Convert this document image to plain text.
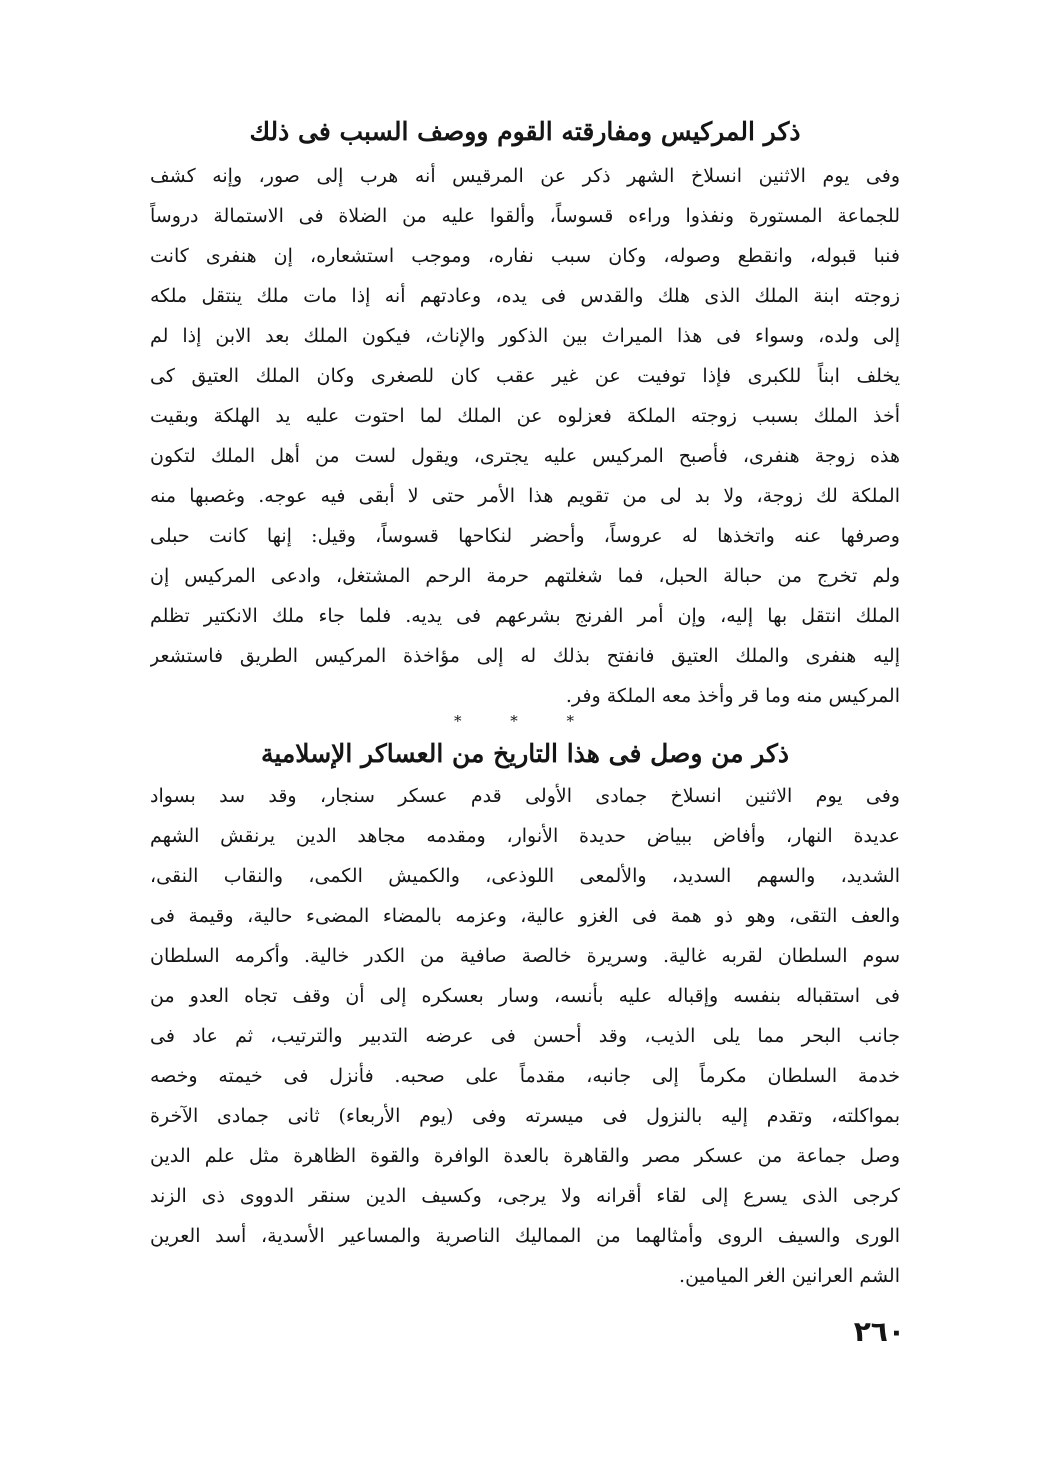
ذكر المركيس ومفارقته القوم ووصف السبب فى ذلك
وفى يوم الاثنين انسلاخ الشهر ذكر عن المرقيس أنه هرب إلى صور، وإنه كشف
للجماعة المستورة ونفذوا وراءه قسوساً، وألقوا عليه من الضلاة فى الاستمالة دروساً
فنبا قبوله، وانقطع وصوله، وكان سبب نفاره، وموجب استشعاره، إن هنفرى كانت
زوجته ابنة الملك الذى هلك والقدس فى يده، وعادتهم أنه إذا مات ملك ينتقل ملكه
إلى ولده، وسواء فى هذا الميراث بين الذكور والإناث، فيكون الملك بعد الابن إذا لم
يخلف ابناً للكبرى فإذا توفيت عن غير عقب كان للصغرى وكان الملك العتيق كى
أخذ الملك بسبب زوجته الملكة فعزلوه عن الملك لما احتوت عليه يد الهلكة وبقيت
هذه زوجة هنفرى، فأصبح المركيس عليه يجترى، ويقول لست من أهل الملك لتكون
الملكة لك زوجة، ولا بد لى من تقويم هذا الأمر حتى لا أبقى فيه عوجه. وغصبها منه
وصرفها عنه واتخذها له عروساً، وأحضر لنكاحها قسوساً، وقيل: إنها كانت حبلى
ولم تخرج من حبالة الحبل، فما شغلتهم حرمة الرحم المشتغل، وادعى المركيس إن
الملك انتقل بها إليه، وإن أمر الفرنج بشرعهم فى يديه. فلما جاء ملك الانكتير تظلم
إليه هنفرى والملك العتيق فانفتح بذلك له إلى مؤاخذة المركيس الطريق فاستشعر
المركيس منه وما قر وأخذ معه الملكة وفر.
* * *
ذكر من وصل فى هذا التاريخ من العساكر الإسلامية
وفى يوم الاثنين انسلاخ جمادى الأولى قدم عسكر سنجار، وقد سد بسواد
عديدة النهار، وأفاض ببياض حديدة الأنوار، ومقدمه مجاهد الدين يرنقش الشهم
الشديد، والسهم السديد، والألمعى اللوذعى، والكميش الكمى، والنقاب النقى،
والعف التقى، وهو ذو همة فى الغزو عالية، وعزمه بالمضاء المضىء حالية، وقيمة فى
سوم السلطان لقربه غالية. وسريرة خالصة صافية من الكدر خالية. وأكرمه السلطان
فى استقباله بنفسه وإقباله عليه بأنسه، وسار بعسكره إلى أن وقف تجاه العدو من
جانب البحر مما يلى الذيب، وقد أحسن فى عرضه التدبير والترتيب، ثم عاد فى
خدمة السلطان مكرماً إلى جانبه، مقدماً على صحبه. فأنزل فى خيمته وخصه
بمواكلته، وتقدم إليه بالنزول فى ميسرته وفى (يوم الأربعاء) ثانى جمادى الآخرة
وصل جماعة من عسكر مصر والقاهرة بالعدة الوافرة والقوة الظاهرة مثل علم الدين
كرجى الذى يسرع إلى لقاء أقرانه ولا يرجى، وكسيف الدين سنقر الدووى ذى الزند
الورى والسيف الروى وأمثالهما من المماليك الناصرية والمساعير الأسدية، أسد العرين
الشم العرانين الغر الميامين.
٢٦٠
